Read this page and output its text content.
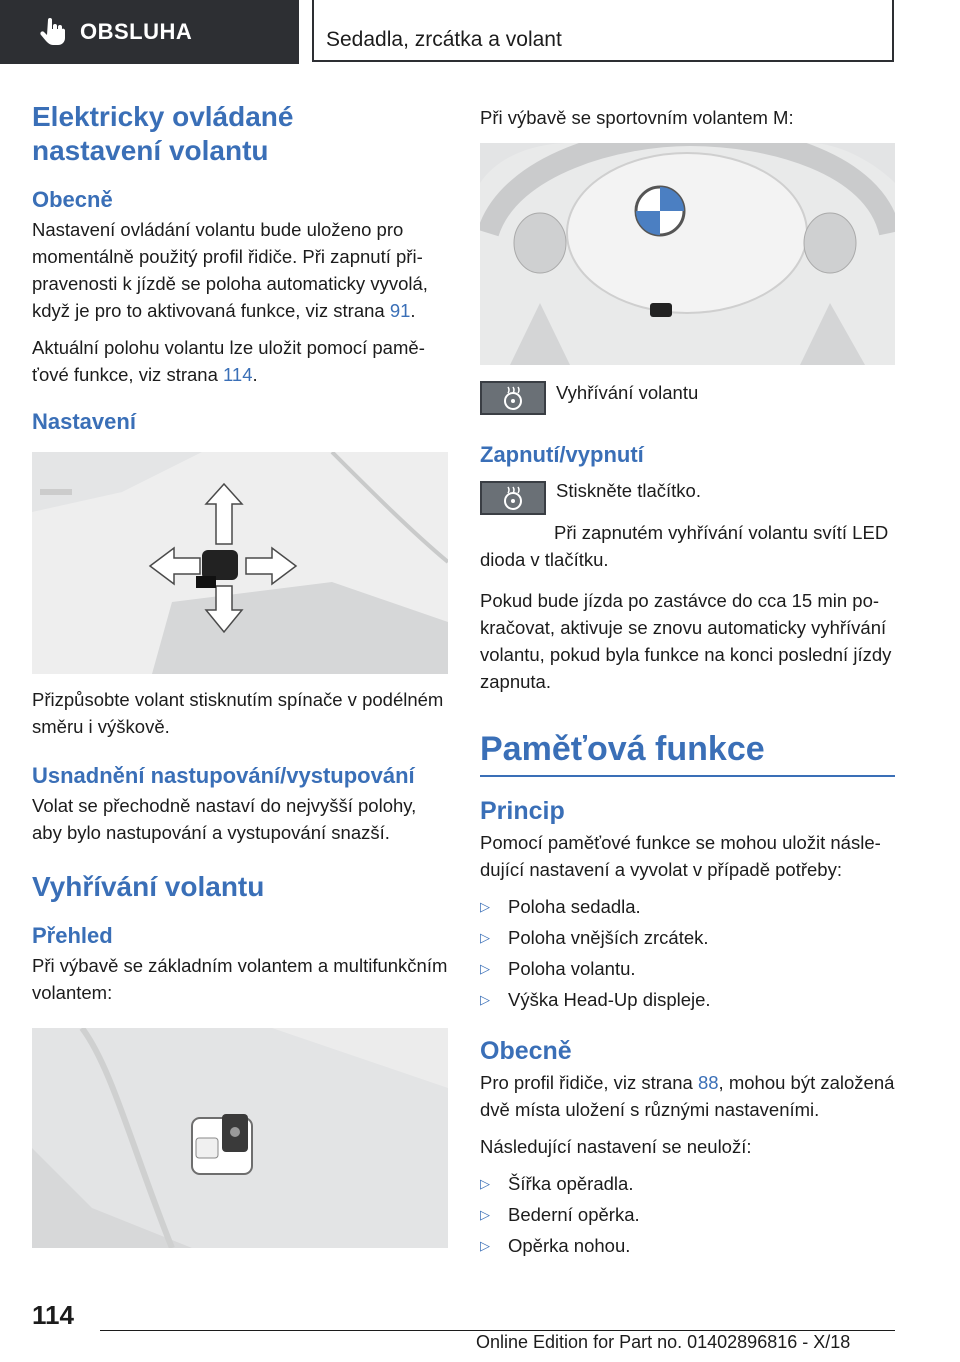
OBSLUHA	Sedadla, zrcátka a volant
Elektricky ovládané nastavení volantu
Obecně

Nastavení ovládání volantu bude uloženo pro momentálně použitý profil řidiče. Při zapnutí připravenosti k jízdě se poloha automaticky vyvolá, když je pro to aktivovaná funkce, viz strana 91.

Aktuální polohu volantu lze uložit pomocí paměťové funkce, viz strana 114.

Nastavení

Přizpůsobte volant stisknutím spínače v podélném směru i výškově.

Usnadnění nastupování/vystupování

Volat se přechodně nastaví do nejvyšší polohy, aby bylo nastupování a vystupování snazší.

Vyhřívání volantu
Přehled

Při výbavě se základním volantem a multifunkčním volantem:

Při výbavě se sportovním volantem M:

Vyhřívání volantu

Zapnutí/vypnutí

Stiskněte tlačítko.

Při zapnutém vyhřívání volantu svítí LED dioda v tlačítku.

Pokud bude jízda po zastávce do cca 15 min pokračovat, aktivuje se znovu automaticky vyhřívání volantu, pokud byla funkce na konci poslední jízdy zapnuta.

Paměťová funkce
Princip

Pomocí paměťové funkce se mohou uložit následující nastavení a vyvolat v případě potřeby:

▷ Poloha sedadla.
▷ Poloha vnějších zrcátek.
▷ Poloha volantu.
▷ Výška Head-Up displeje.
Obecně

Pro profil řidiče, viz strana 88, mohou být založená dvě místa uložení s různými nastaveními.

Následující nastavení se neuloží:

▷ Šířka opěradla.
▷ Bederní opěrka.
▷ Opěrka nohou.
114
Online Edition for Part no. 01402896816 - X/18
